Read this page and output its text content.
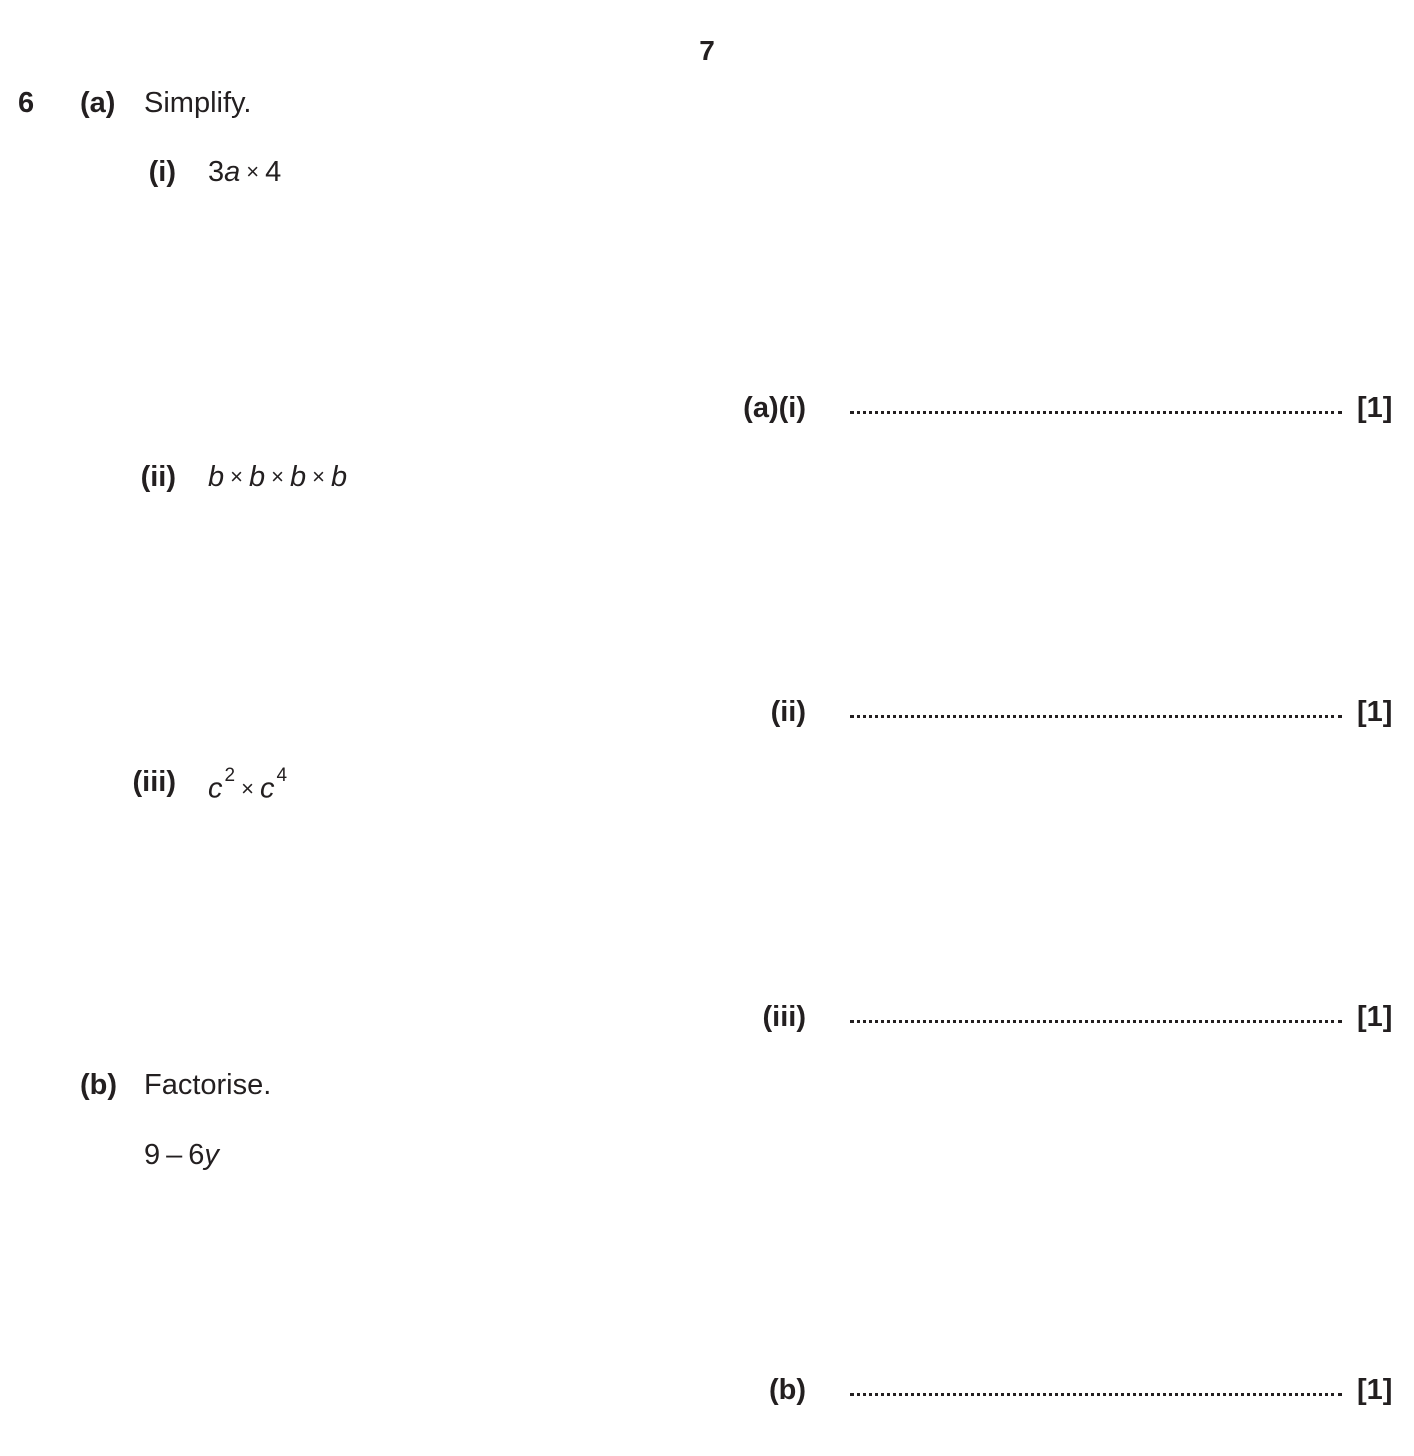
7
6 (a) Simplify.
(i) 3a × 4
(a)(i)	[1]
(ii) b × b × b × b
(ii)	[1]
(iii) c $^2$× c $^4$
(iii)	[1]
(b) Factorise.
9 – 6y
(b)	[1]
